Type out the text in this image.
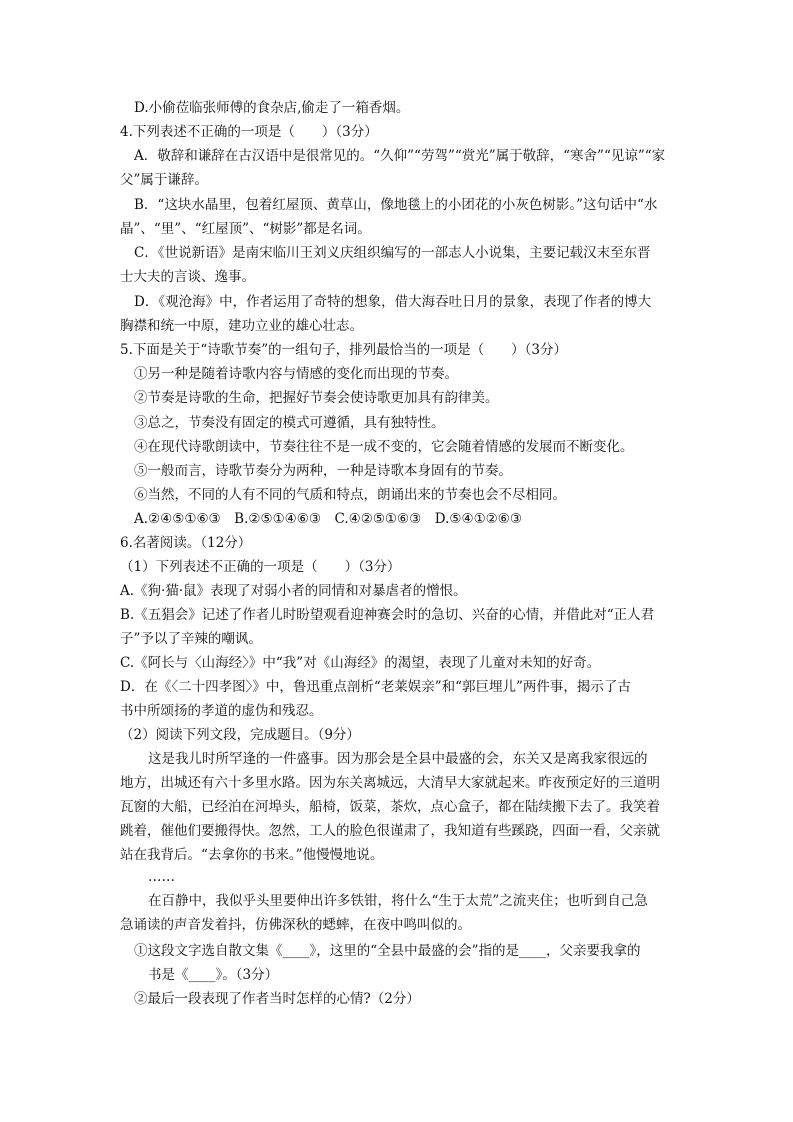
D.小偷莅临张师傅的食杂店,偷走了一箱香烟。
4.下列表述不正确的一项是（　　）（3分）
A．敬辞和谦辞在古汉语中是很常见的。“久仰”“劳驾”“赏光”属于敬辞，“寒舍”“见谅”“家
父”属于谦辞。
B．“这块水晶里，包着红屋顶、黄草山，像地毯上的小团花的小灰色树影。”这句话中“水
晶”、“里”、“红屋顶”、“树影”都是名词。
C．《世说新语》是南宋临川王刘义庆组织编写的一部志人小说集，主要记载汉末至东晋
士大夫的言谈、逸事。
D．《观沧海》中，作者运用了奇特的想象，借大海吞吐日月的景象，表现了作者的博大
胸襟和统一中原，建功立业的雄心壮志。
5.下面是关于“诗歌节奏”的一组句子，排列最恰当的一项是（　　）（3分）
①另一种是随着诗歌内容与情感的变化而出现的节奏。
②节奏是诗歌的生命，把握好节奏会使诗歌更加具有韵律美。
③总之，节奏没有固定的模式可遵循，具有独特性。
④在现代诗歌朗读中，节奏往往不是一成不变的，它会随着情感的发展而不断变化。
⑤一般而言，诗歌节奏分为两种，一种是诗歌本身固有的节奏。
⑥当然，不同的人有不同的气质和特点，朗诵出来的节奏也会不尽相同。
A.②④⑤①⑥③　B.②⑤①④⑥③　C.④②⑤①⑥③　D.⑤④①②⑥③
6.名著阅读。（12分）
（1）下列表述不正确的一项是（　　）（3分）
A.《狗·猫·鼠》表现了对弱小者的同情和对暴虐者的憎恨。
B.《五猖会》记述了作者儿时盼望观看迎神赛会时的急切、兴奋的心情，并借此对“正人君
子”予以了辛辣的嘲讽。
C.《阿长与〈山海经〉》中“我”对《山海经》的渴望，表现了儿童对未知的好奇。
D．在《〈二十四孝图〉》中，鲁迅重点剖析“老莱娱亲”和“郭巨埋儿”两件事，揭示了古
书中所颂扬的孝道的虚伪和残忍。
（2）阅读下列文段，完成题目。（9分）
这是我儿时所罕逢的一件盛事。因为那会是全县中最盛的会，东关又是离我家很远的
地方，出城还有六十多里水路。因为东关离城远，大清早大家就起来。昨夜预定好的三道明
瓦窗的大船，已经泊在河埠头，船椅，饭菜，茶炊，点心盒子，都在陆续搬下去了。我笑着
跳着，催他们要搬得快。忽然，工人的脸色很谨肃了，我知道有些蹊跷，四面一看，父亲就
站在我背后。“去拿你的书来。”他慢慢地说。
……
在百静中，我似乎头里要伸出许多铁钳，将什么“生于太荒”之流夹住；也听到自己急
急诵读的声音发着抖，仿佛深秋的蟋蟀，在夜中鸣叫似的。
①这段文字选自散文集《____》，这里的“全县中最盛的会”指的是____，父亲要我拿的
书是《____》。（3分）
②最后一段表现了作者当时怎样的心情?（2分）
